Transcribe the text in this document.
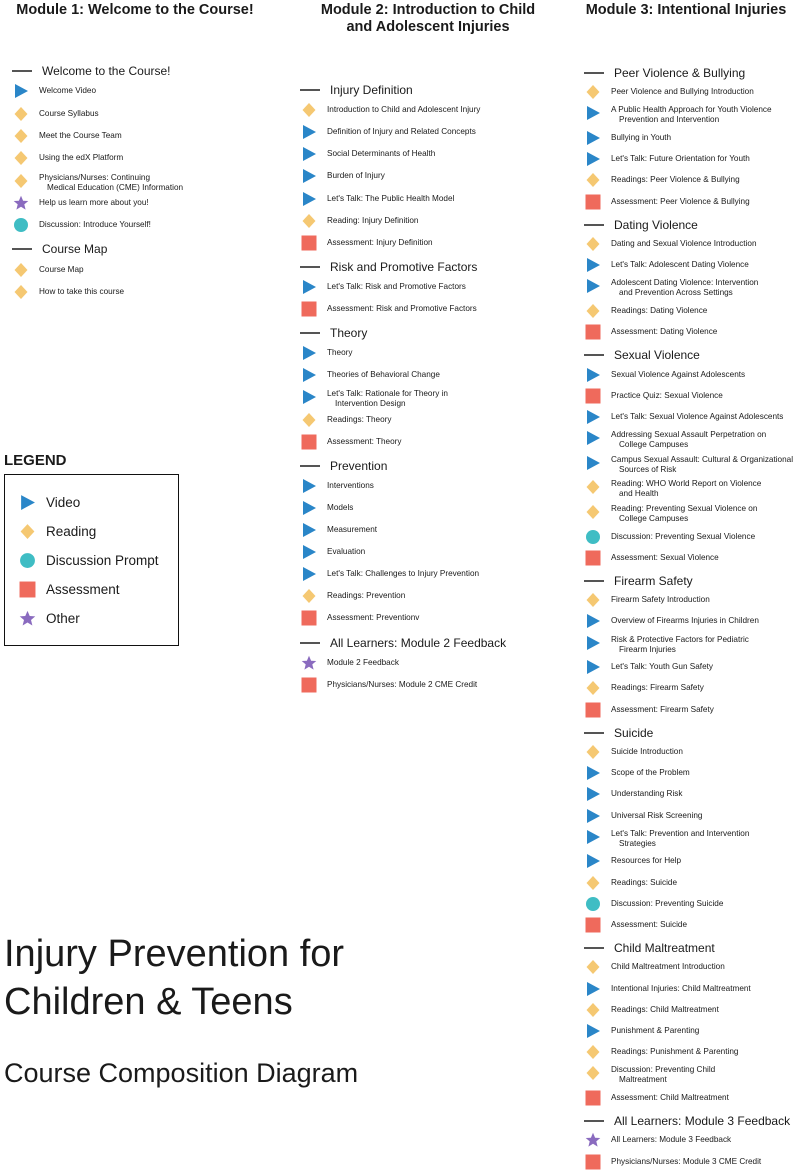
Module 1: Welcome to the Course!
Welcome to the Course!
Welcome Video
Course Syllabus
Meet the Course Team
Using the edX Platform
Physicians/Nurses: Continuing
Medical Education (CME) Information
Help us learn more about you!
Discussion: Introduce Yourself!
Course Map
Course Map
How to take this course
Module 2: Introduction to Child
and Adolescent Injuries
Injury Definition
Introduction to Child and Adolescent Injury
Definition of Injury and Related Concepts
Social Determinants of Health
Burden of Injury
Let's Talk: The Public Health Model
Reading: Injury Definition
Assessment: Injury Definition
Risk and Promotive Factors
Let's Talk: Risk and Promotive Factors
Assessment: Risk and Promotive Factors
Theory
Theory
Theories of Behavioral Change
Let's Talk: Rationale for Theory in
Intervention Design
Readings: Theory
Assessment: Theory
Prevention
Interventions
Models
Measurement
Evaluation
Let's Talk: Challenges to Injury Prevention
Readings: Prevention
Assessment: Preventionv
All Learners: Module 2 Feedback
Module 2 Feedback
Physicians/Nurses: Module 2 CME Credit
Module 3: Intentional Injuries
Peer Violence & Bullying
Peer Violence and Bullying Introduction
A Public Health Approach for Youth Violence
Prevention and Intervention
Bullying in Youth
Let's Talk: Future Orientation for Youth
Readings: Peer Violence & Bullying
Assessment: Peer Violence & Bullying
Dating Violence
Dating and Sexual Violence Introduction
Let's Talk: Adolescent Dating Violence
Adolescent Dating Violence: Intervention
and Prevention Across Settings
Readings: Dating Violence
Assessment: Dating Violence
Sexual Violence
Sexual Violence Against Adolescents
Practice Quiz: Sexual Violence
Let's Talk: Sexual Violence Against Adolescents
Addressing Sexual Assault Perpetration on
College Campuses
Campus Sexual Assault: Cultural & Organizational
Sources of Risk
Reading: WHO World Report on Violence
and Health
Reading: Preventing Sexual Violence on
College Campuses
Discussion: Preventing Sexual Violence
Assessment: Sexual Violence
Firearm Safety
Firearm Safety Introduction
Overview of Firearms Injuries in Children
Risk & Protective Factors for Pediatric
Firearm Injuries
Let's Talk: Youth Gun Safety
Readings: Firearm Safety
Assessment: Firearm Safety
Suicide
Suicide Introduction
Scope of the Problem
Understanding Risk
Universal Risk Screening
Let's Talk: Prevention and Intervention
Strategies
Resources for Help
Readings: Suicide
Discussion: Preventing Suicide
Assessment: Suicide
Child Maltreatment
Child Maltreatment Introduction
Intentional Injuries: Child Maltreatment
Readings: Child Maltreatment
Punishment & Parenting
Readings: Punishment & Parenting
Discussion: Preventing Child
Maltreatment
Assessment: Child Maltreatment
All Learners: Module 3 Feedback
All Learners: Module 3 Feedback
Physicians/Nurses: Module 3 CME Credit
LEGEND
Video
Reading
Discussion Prompt
Assessment
Other
Injury Prevention for
Children & Teens
Course Composition Diagram
